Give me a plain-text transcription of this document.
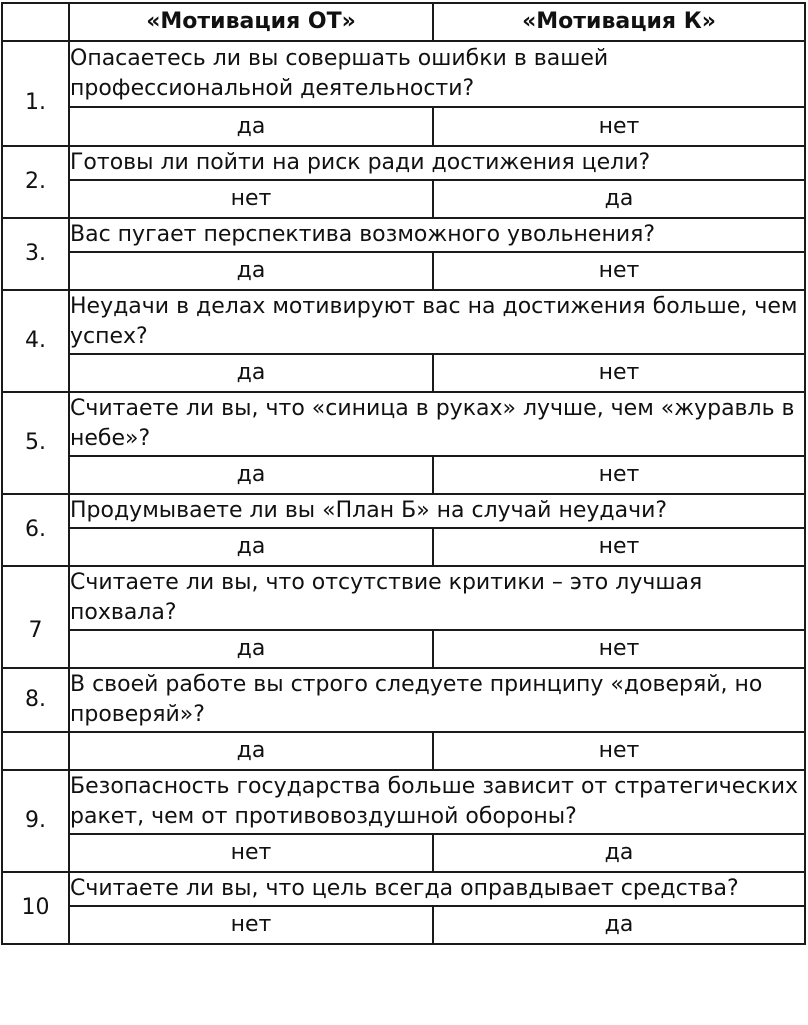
	«Мотивация ОТ»	«Мотивация К»
1.	Опасаетесь ли вы совершать ошибки в вашей профессиональной деятельности?	
	да	нет
2.	Готовы ли пойти на риск ради достижения цели?	
	нет	да
3.	Вас пугает перспектива возможного увольнения?	
	да	нет
4.	Неудачи в делах мотивируют вас на достижения больше, чем успех?	
	да	нет
5.	Считаете ли вы, что «синица в руках» лучше, чем «журавль в небе»?	
	да	нет
6.	Продумываете ли вы «План Б» на случай неудачи?	
	да	нет
7	Считаете ли вы, что отсутствие критики – это лучшая похвала?	
	да	нет
8.	В своей работе вы строго следуете принципу «доверяй, но проверяй»?	
	да	нет
9.	Безопасность государства больше зависит от стратегических ракет, чем от противовоздушной обороны?	
	нет	да
10	Считаете ли вы, что цель всегда оправдывает средства?	
	нет	да
